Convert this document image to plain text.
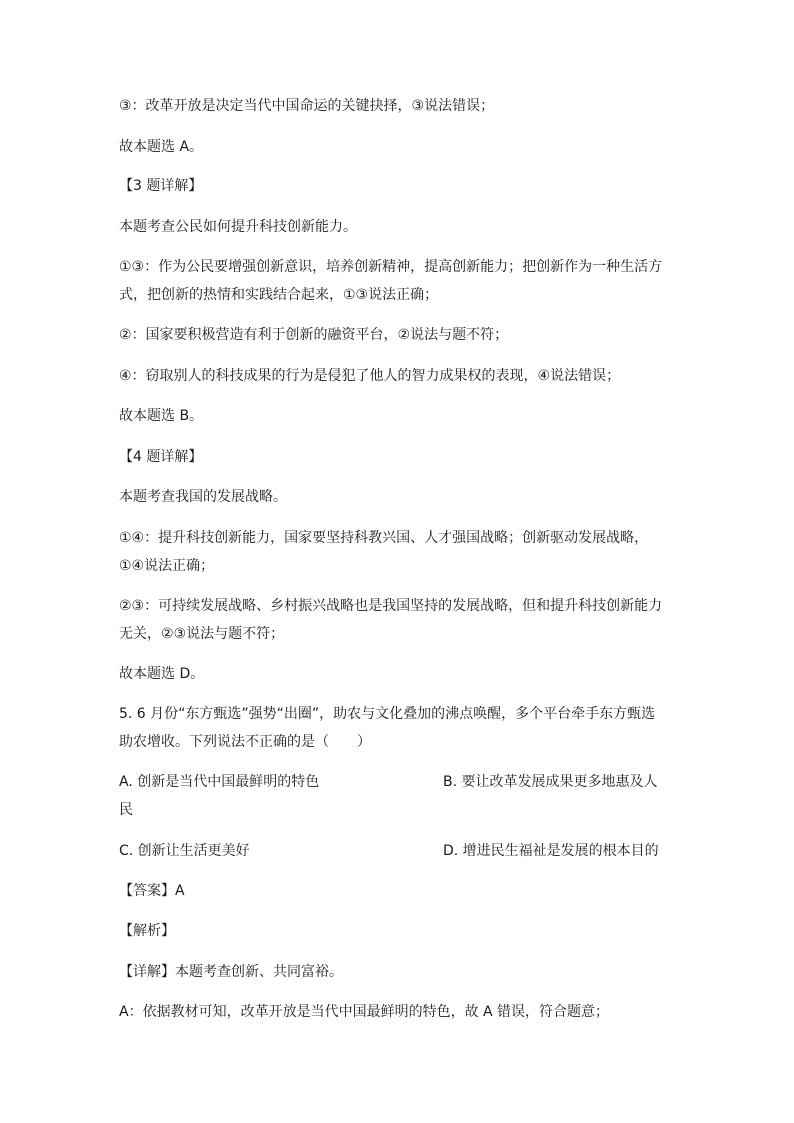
③：改革开放是决定当代中国命运的关键抉择，③说法错误；
故本题选 A。
【3 题详解】
本题考查公民如何提升科技创新能力。
①③：作为公民要增强创新意识，培养创新精神，提高创新能力；把创新作为一种生活方
式，把创新的热情和实践结合起来，①③说法正确；
②：国家要积极营造有利于创新的融资平台，②说法与题不符；
④：窃取别人的科技成果的行为是侵犯了他人的智力成果权的表现，④说法错误；
故本题选 B。
【4 题详解】
本题考查我国的发展战略。
①④：提升科技创新能力，国家要坚持科教兴国、人才强国战略；创新驱动发展战略，
①④说法正确；
②③：可持续发展战略、乡村振兴战略也是我国坚持的发展战略，但和提升科技创新能力
无关，②③说法与题不符；
故本题选 D。
5. 6 月份“东方甄选”强势“出圈”，助农与文化叠加的沸点唤醒，多个平台牵手东方甄选
助农增收。下列说法不正确的是（　　）
A. 创新是当代中国最鲜明的特色	B. 要让改革发展成果更多地惠及人
民
C. 创新让生活更美好	D. 增进民生福祉是发展的根本目的
【答案】A
【解析】
【详解】本题考查创新、共同富裕。
A：依据教材可知，改革开放是当代中国最鲜明的特色，故 A 错误，符合题意；
